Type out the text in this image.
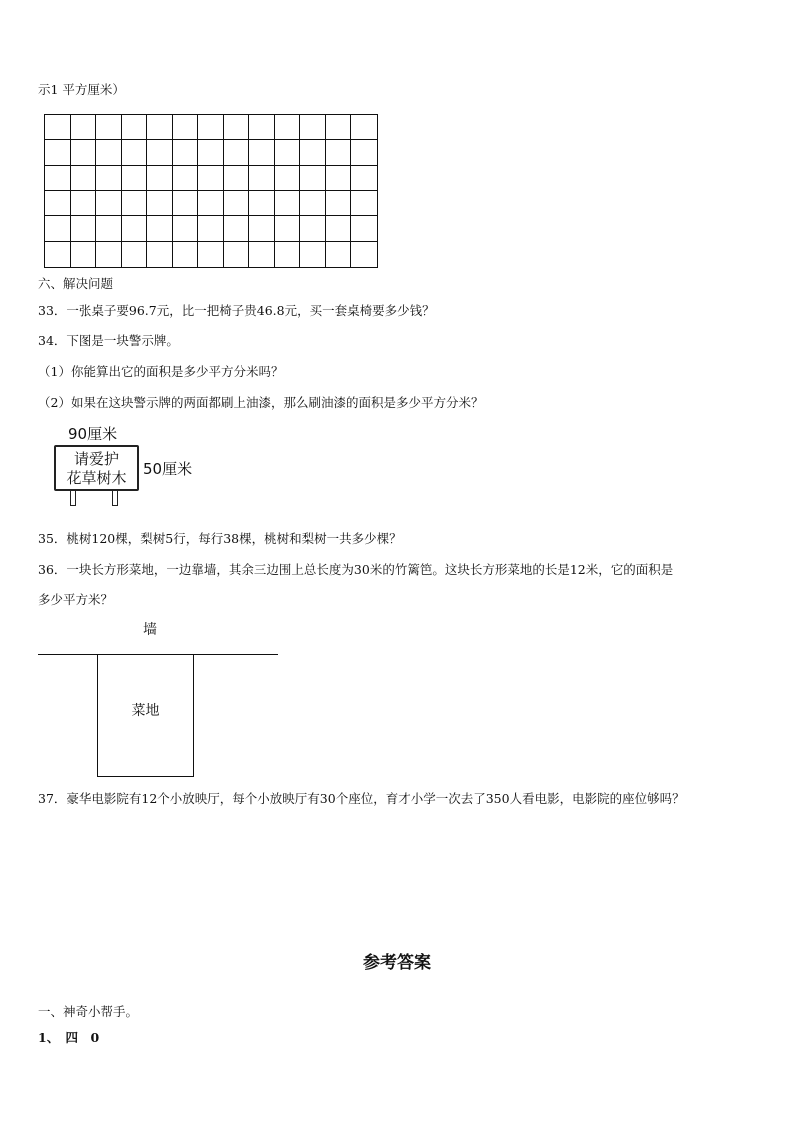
示1 平方厘米）
六、解决问题
33．一张桌子要96.7元，比一把椅子贵46.8元，买一套桌椅要多少钱？
34．下图是一块警示牌。
（1）你能算出它的面积是多少平方分米吗？
（2）如果在这块警示牌的两面都刷上油漆，那么刷油漆的面积是多少平方分米？
90厘米
请爱护
花草树木	50厘米
35．桃树120棵，梨树5行，每行38棵，桃树和梨树一共多少棵？
36．一块长方形菜地，一边靠墙，其余三边围上总长度为30米的竹篱笆。这块长方形菜地的长是12米，它的面积是
多少平方米？
墙
菜地
37．豪华电影院有12个小放映厅，每个小放映厅有30个座位，育才小学一次去了350人看电影，电影院的座位够吗？
参考答案
一、神奇小帮手。
1、　四　0
